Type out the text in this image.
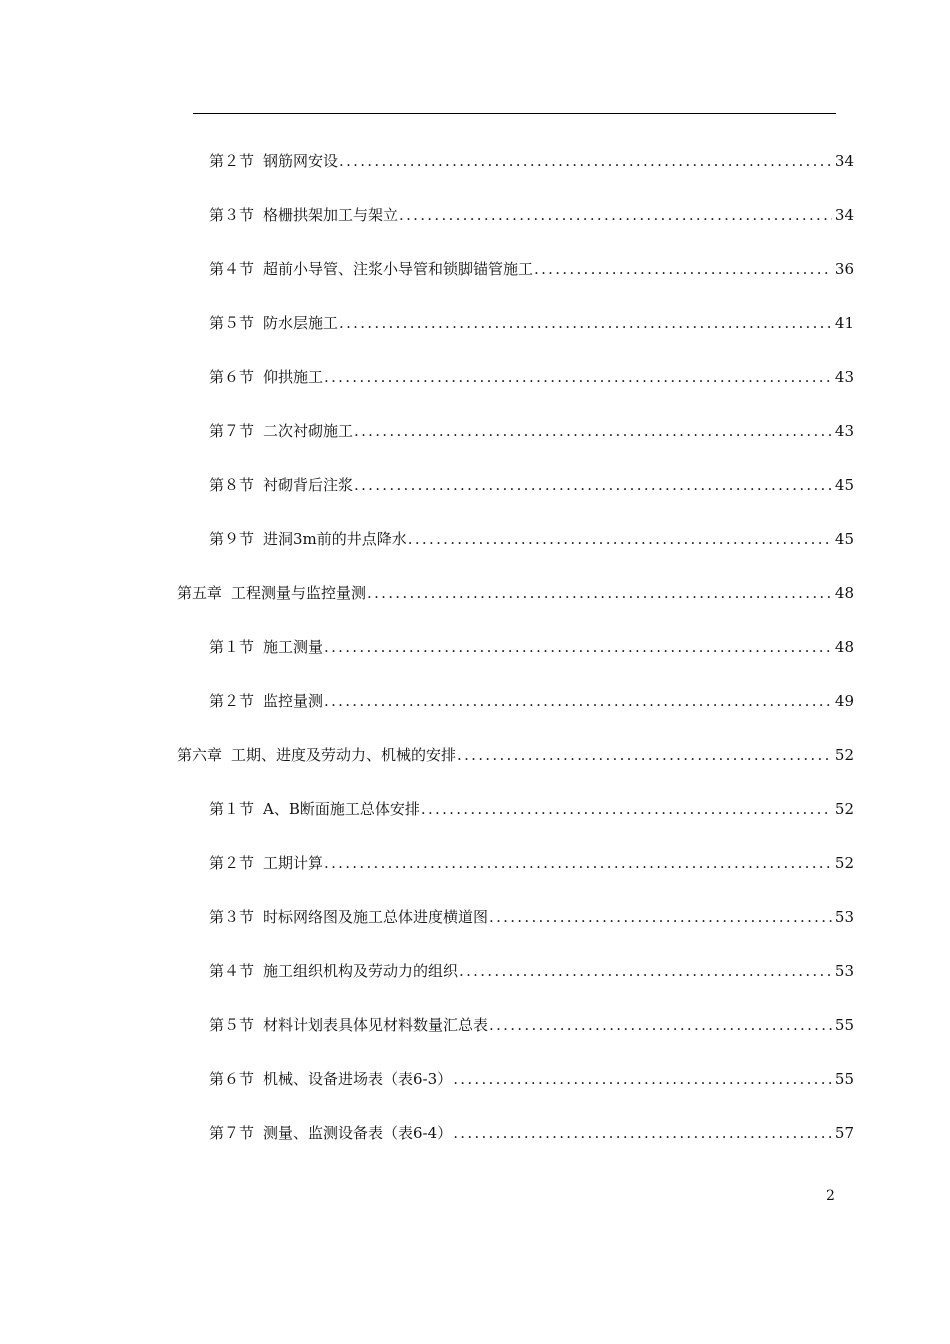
第２节 钢筋网安设 .....	34
第３节 格栅拱架加工与架立 .....	34
第４节 超前小导管、注浆小导管和锁脚锚管施工 .....	36
第５节 防水层施工 .....	41
第６节 仰拱施工 .....	43
第７节 二次衬砌施工 .....	43
第８节 衬砌背后注浆 .....	45
第９节 进洞3m前的井点降水 .....	45
第五章 工程测量与监控量测 .....	48
第１节 施工测量 .....	48
第２节 监控量测 .....	49
第六章 工期、进度及劳动力、机械的安排 .....	52
第１节 A、B断面施工总体安排 .....	52
第２节 工期计算 .....	52
第３节 时标网络图及施工总体进度横道图 .....	53
第４节 施工组织机构及劳动力的组织 .....	53
第５节 材料计划表具体见材料数量汇总表 .....	55
第６节 机械、设备进场表（表6-3） .....	55
第７节 测量、监测设备表（表6-4） .....	57
2
